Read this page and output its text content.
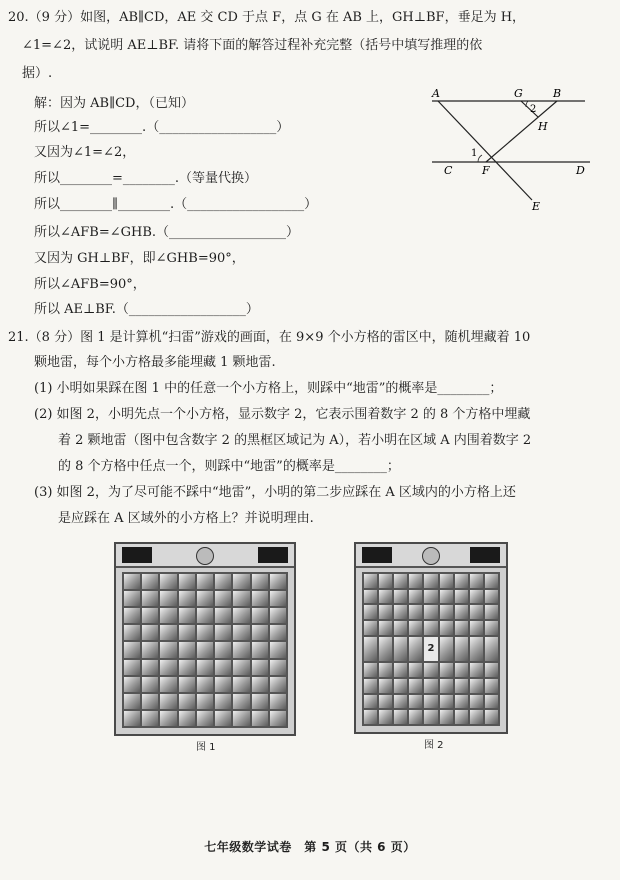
20.（9 分）如图，AB∥CD，AE 交 CD 于点 F，点 G 在 AB 上，GH⊥BF，垂足为 H，
∠1=∠2，试说明 AE⊥BF. 请将下面的解答过程补充完整（括号中填写推理的依
据）.
解：因为 AB∥CD，（已知）
所以∠1=________.（__________________）
又因为∠1=∠2，
所以________=________.（等量代换）
所以________∥________.（__________________）
所以∠AFB=∠GHB.（__________________）
又因为 GH⊥BF，即∠GHB=90°，
所以∠AFB=90°，
所以 AE⊥BF.（__________________）
A	G	B
2
H
1
C	F	D
E
21.（8 分）图 1 是计算机“扫雷”游戏的画面，在 9×9 个小方格的雷区中，随机埋藏着 10
颗地雷，每个小方格最多能埋藏 1 颗地雷.
(1) 小明如果踩在图 1 中的任意一个小方格上，则踩中“地雷”的概率是________；
(2) 如图 2，小明先点一个小方格，显示数字 2，它表示围着数字 2 的 8 个方格中埋藏
着 2 颗地雷（图中包含数字 2 的黑框区域记为 A），若小明在区域 A 内围着数字 2
的 8 个方格中任点一个，则踩中“地雷”的概率是________；
(3) 如图 2，为了尽可能不踩中“地雷”，小明的第二步应踩在 A 区域内的小方格上还
是应踩在 A 区域外的小方格上？并说明理由.
图 1
2
图 2
七年级数学试卷　第 5 页（共 6 页）
